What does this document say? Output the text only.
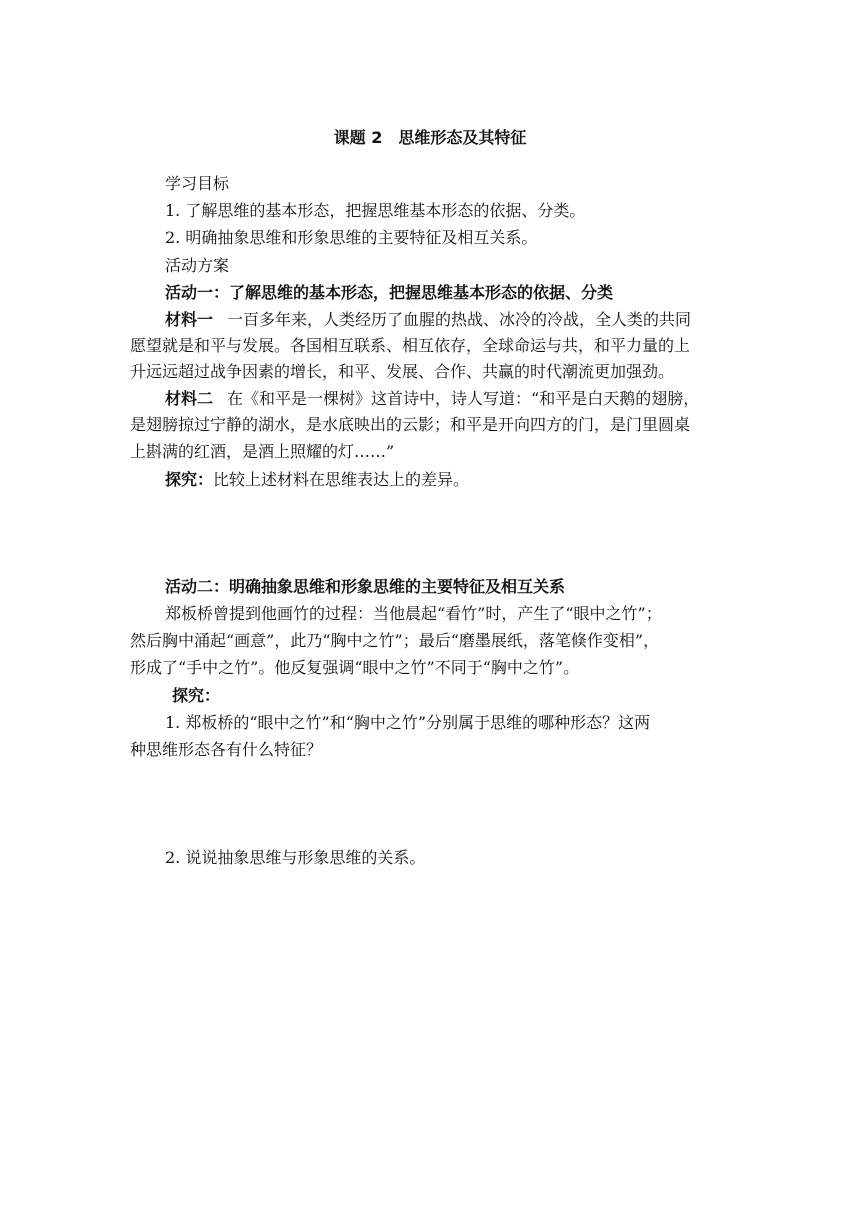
课题 2　思维形态及其特征
学习目标
1. 了解思维的基本形态，把握思维基本形态的依据、分类。
2. 明确抽象思维和形象思维的主要特征及相互关系。
活动方案
活动一：了解思维的基本形态，把握思维基本形态的依据、分类
材料一 一百多年来，人类经历了血腥的热战、冰冷的冷战，全人类的共同
愿望就是和平与发展。各国相互联系、相互依存，全球命运与共，和平力量的上
升远远超过战争因素的增长，和平、发展、合作、共赢的时代潮流更加强劲。
材料二 在《和平是一棵树》这首诗中，诗人写道：“和平是白天鹅的翅膀，
是翅膀掠过宁静的湖水，是水底映出的云影；和平是开向四方的门，是门里圆桌
上斟满的红酒，是酒上照耀的灯……”
探究：比较上述材料在思维表达上的差异。
活动二：明确抽象思维和形象思维的主要特征及相互关系
郑板桥曾提到他画竹的过程：当他晨起“看竹”时，产生了“眼中之竹”；
然后胸中涌起“画意”，此乃“胸中之竹”；最后“磨墨展纸，落笔倏作变相”，
形成了“手中之竹”。他反复强调“眼中之竹”不同于“胸中之竹”。
探究：
1. 郑板桥的“眼中之竹”和“胸中之竹”分别属于思维的哪种形态？这两
种思维形态各有什么特征？
2. 说说抽象思维与形象思维的关系。
